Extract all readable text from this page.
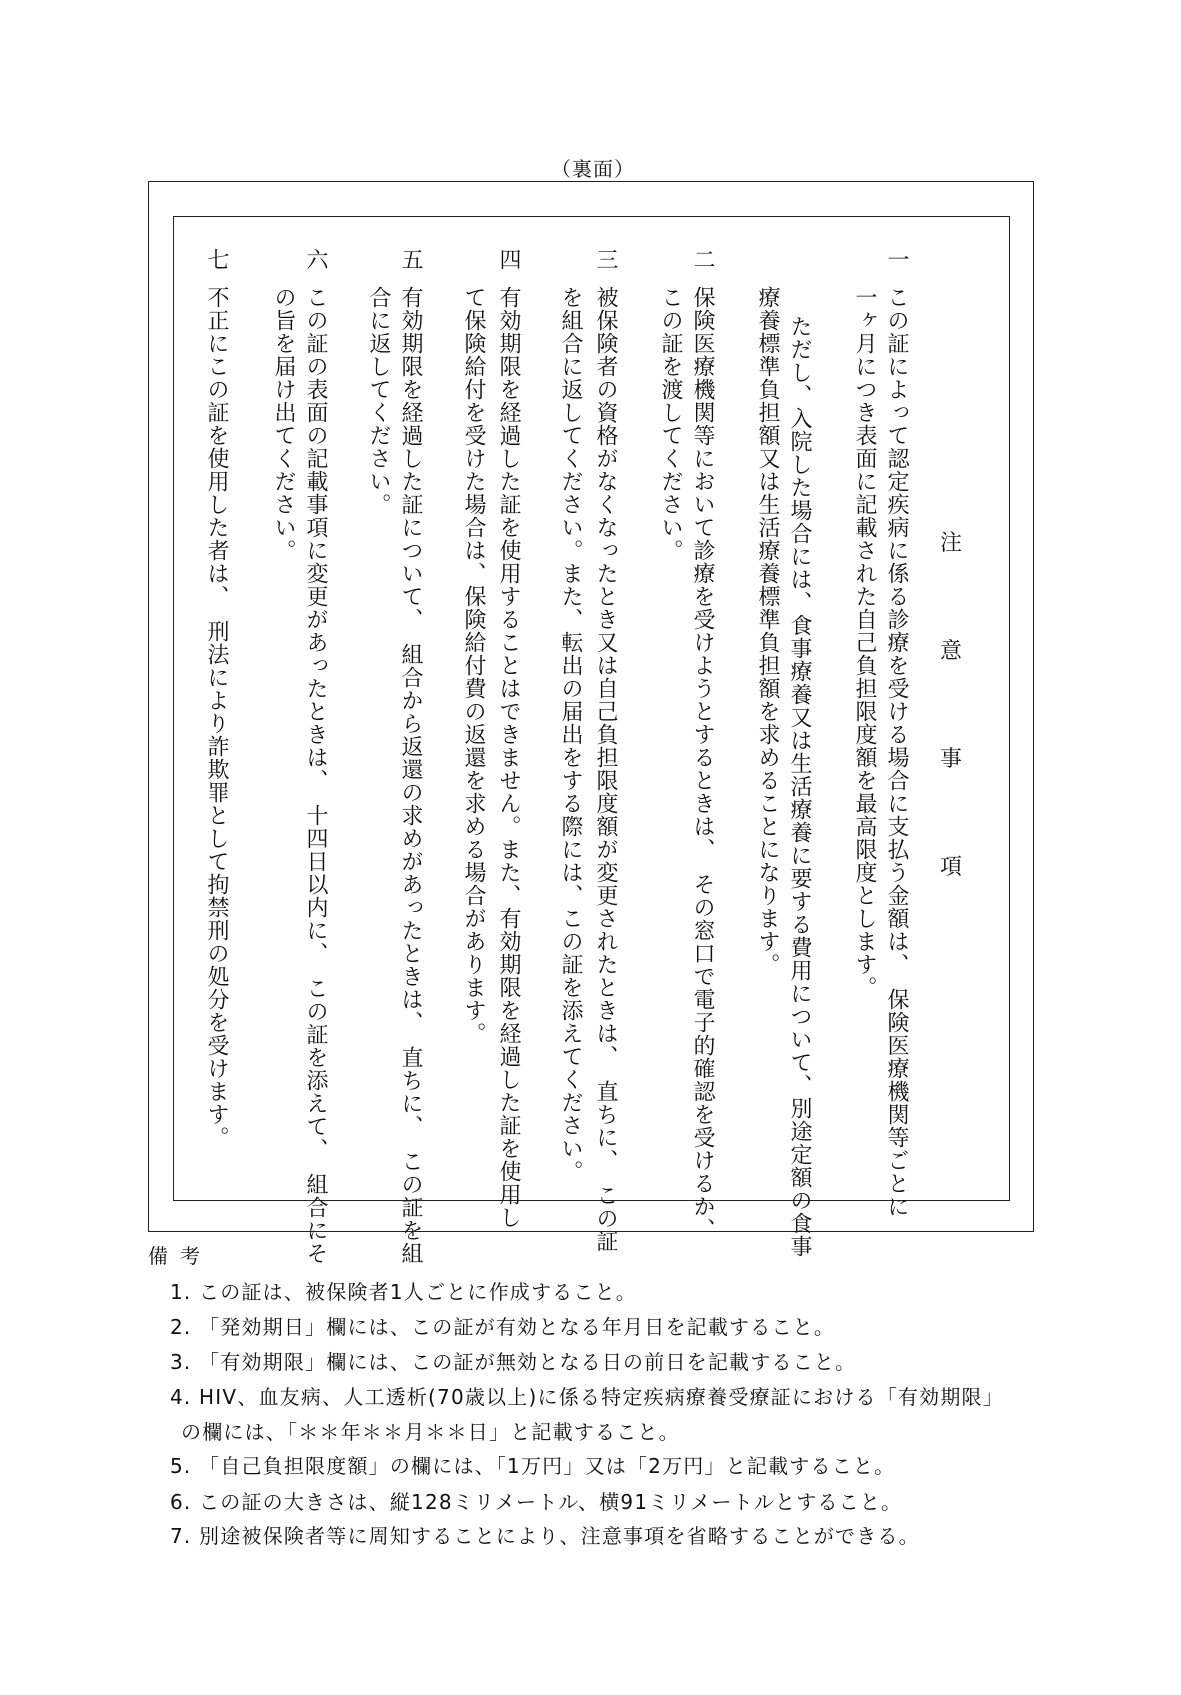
（裏面）
注
意
事
項
一
この証によって認定疾病に係る診療を受ける場合に支払う金額は、　保険医療機関等ごとに
一ヶ月につき表面に記載された自己負担限度額を最高限度とします。
ただし、入院した場合には、食事療養又は生活療養に要する費用について、別途定額の食事
療養標準負担額又は生活療養標準負担額を求めることになります。
二
保険医療機関等において診療を受けようとするときは、　その窓口で電子的確認を受けるか、
この証を渡してください。
三
被保険者の資格がなくなったとき又は自己負担限度額が変更されたときは、　直ちに、　この証
を組合に返してください。また、転出の届出をする際には、この証を添えてください。
四
有効期限を経過した証を使用することはできません。また、有効期限を経過した証を使用し
て保険給付を受けた場合は、保険給付費の返還を求める場合があります。
五
有効期限を経過した証について、　組合から返還の求めがあったときは、　直ちに、　この証を組
合に返してください。
六
この証の表面の記載事項に変更があったときは、　十四日以内に、　この証を添えて、　組合にそ
の旨を届け出てください。
七
不正にこの証を使用した者は、　刑法により詐欺罪として拘禁刑の処分を受けます。
備考
1. この証は、被保険者1人ごとに作成すること。
2. 「発効期日」欄には、この証が有効となる年月日を記載すること。
3. 「有効期限」欄には、この証が無効となる日の前日を記載すること。
4. HIV、血友病、人工透析(70歳以上)に係る特定疾病療養受療証における「有効期限」
の欄には、「＊＊年＊＊月＊＊日」と記載すること。
5. 「自己負担限度額」の欄には、「1万円」又は「2万円」と記載すること。
6. この証の大きさは、縦128ミリメートル、横91ミリメートルとすること。
7. 別途被保険者等に周知することにより、注意事項を省略することができる。
